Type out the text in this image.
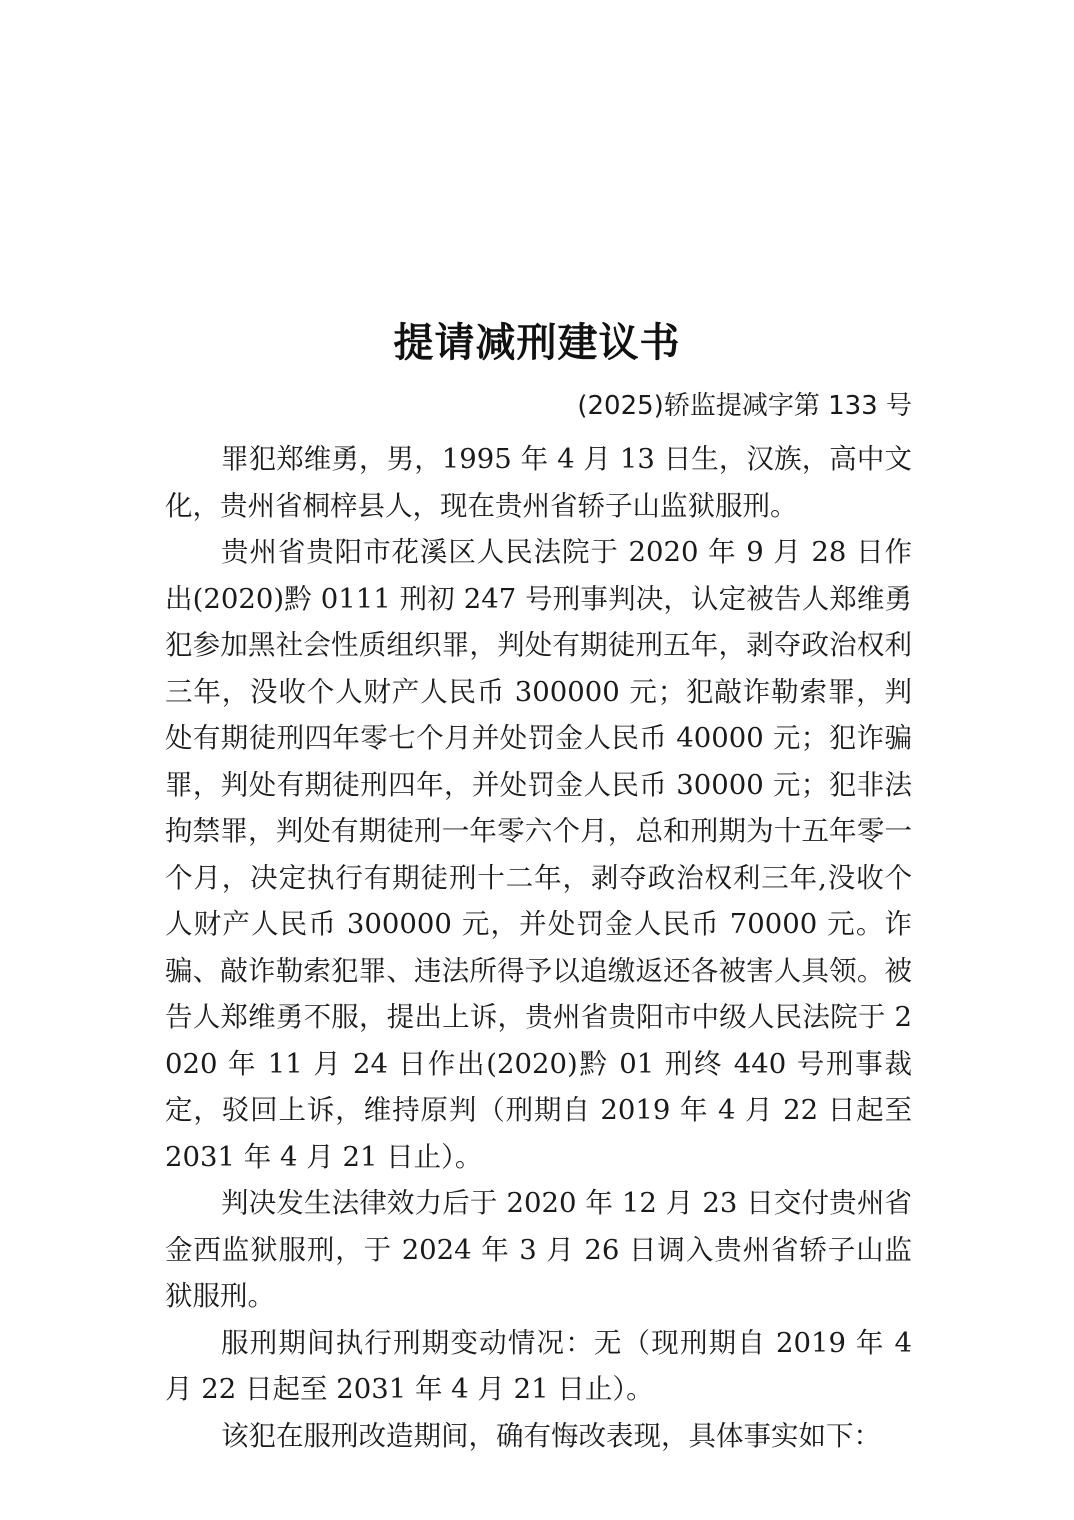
提请减刑建议书
(2025)轿监提减字第 133 号

罪犯郑维勇，男，1995 年 4 月 13 日生，汉族，高中文化，贵州省桐梓县人，现在贵州省轿子山监狱服刑。

贵州省贵阳市花溪区人民法院于 2020 年 9 月 28 日作出(2020)黔 0111 刑初 247 号刑事判决，认定被告人郑维勇犯参加黑社会性质组织罪，判处有期徒刑五年，剥夺政治权利三年，没收个人财产人民币 300000 元；犯敲诈勒索罪，判处有期徒刑四年零七个月并处罚金人民币 40000 元；犯诈骗罪，判处有期徒刑四年，并处罚金人民币 30000 元；犯非法拘禁罪，判处有期徒刑一年零六个月，总和刑期为十五年零一个月，决定执行有期徒刑十二年，剥夺政治权利三年,没收个人财产人民币 300000 元，并处罚金人民币 70000 元。诈骗、敲诈勒索犯罪、违法所得予以追缴返还各被害人具领。被告人郑维勇不服，提出上诉，贵州省贵阳市中级人民法院于 2020 年 11 月 24 日作出(2020)黔 01 刑终 440 号刑事裁定，驳回上诉，维持原判（刑期自 2019 年 4 月 22 日起至 2031 年 4 月 21 日止）。

判决发生法律效力后于 2020 年 12 月 23 日交付贵州省金西监狱服刑，于 2024 年 3 月 26 日调入贵州省轿子山监狱服刑。

服刑期间执行刑期变动情况：无（现刑期自 2019 年 4 月 22 日起至 2031 年 4 月 21 日止）。

该犯在服刑改造期间，确有悔改表现，具体事实如下：
